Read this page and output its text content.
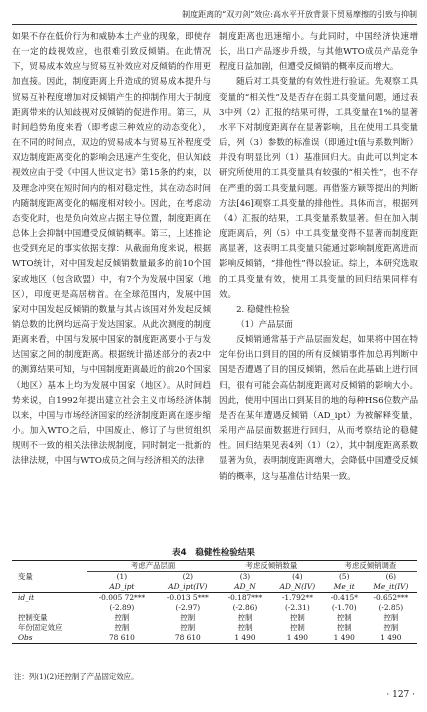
制度距离的“双刃剑”效应:高水平开放背景下贸易摩擦的引致与抑制

如果不存在低价行为和威胁本土产业的现象，即使存在一定的歧视效应，也很难引致反倾销。在此情况下，贸易成本效应与贸易互补效应对反倾销的作用更加直接。因此，制度距离上升造成的贸易成本提升与贸易互补程度增加对反倾销产生的抑制作用大于制度距离带来的认知歧视对反倾销的促进作用。第三，从时间趋势角度来看（即考虑三种效应的动态变化），在不同的时间点，双边的贸易成本与贸易互补程度受双边制度距离变化的影响会迅速产生变化，但认知歧视效应由于受《中国人世议定书》第15条的约束，以及理念冲突在短时间内的相对稳定性，其在动态时间内随制度距离变化的幅度相对较小。因此，在考虑动态变化时，也是负向效应占据主导位置，制度距离在总体上会抑制中国遭受反倾销概率。第三，上述推论也受到充足的事实依据支撑：从截面角度来说，根据WTO统计，对中国发起反倾销数量最多的前10个国家或地区（包含欧盟）中，有7个为发展中国家（地区），印度更是高居榜首。在全球范围内，发展中国家对中国发起反倾销的数量与其占该国对外发起反倾销总数的比例均远高于发达国家。从此次测度的制度距离来看，中国与发展中国家的制度距离要小于与发达国家之间的制度距离。根据统计描述部分的表2中的测算结果可知，与中国制度距离最近的前20个国家（地区）基本上均为发展中国家（地区）。从时间趋势来说，自1992年提出建立社会主义市场经济体制以来，中国与市场经济国家的经济制度距离在逐步缩小。加入WTO之后，中国废止、修订了与世贸组织规则不一致的相关法律法规制度，同时制定一批新的法律法规，中国与WTO成员之间与经济相关的法律

制度距离也迅速缩小。与此同时，中国经济快速增长，出口产品逐步升级，与其他WTO成员产品竞争程度日益加剧，但遭受反倾销的概率反而增大。

随后对工具变量的有效性进行验证。先观察工具变量的“相关性”及是否存在弱工具变量问题，通过表3中列（2）汇报的结果可得，工具变量在1%的显著水平下对制度距离存在显著影响，且在使用工具变量后，列（3）参数的标准误（即通过t值与系数判断）并没有明显比列（1）基准回归大。由此可以判定本研究所使用的工具变量具有较强的“相关性”，也不存在严重的弱工具变量问题。再借鉴方颖等提出的判断方法[46]观察工具变量的排他性。具体而言，根据列（4）汇报的结果，工具变量系数显著。但在加入制度距离后，列（5）中工具变量变得不显著而制度距离显著，这表明工具变量只能通过影响制度距离进而影响反倾销，“排他性”得以验证。综上，本研究选取的工具变量有效，使用工具变量的回归结果同样有效。

2. 稳健性检验

（1）产品层面

反倾销通常基于产品层面发起，如果将中国在特定年份出口到目的国的所有反倾销事件加总再判断中国是否遭遇了目的国反倾销，然后在此基础上进行回归，很有可能会高估制度距离对反倾销的影响大小。因此，使用中国出口到某目的地的每种HS6位数产品是否在某年遭遇反倾销（AD_ipt）为被解释变量，采用产品层面数据进行回归，从而考察结论的稳健性。回归结果见表4列（1）（2），其中制度距离系数显著为负，表明制度距离增大，会降低中国遭受反倾销的概率，这与基准估计结果一致。

表4 稳健性检验结果
变量	考虑产品层面		考虑反倾销数量		考虑反倾销调查	
	(1)	(2)	(3)	(4)	(5)	(6)
	AD_ipt	AD_ipt(IV)	AD_N	AD_N(IV)	Me_it	Me_it(IV)
id_it	-0.005 72***	-0.013 5***	-0.187***	-1.792**	-0.415*	-0.652***
	(-2.89)	(-2.97)	(-2.86)	(-2.31)	(-1.70)	(-2.85)
控制变量	控制	控制	控制	控制	控制	控制
年份固定效应	控制	控制	控制	控制	控制	控制
Obs	78 610	78 610	1 490	1 490	1 490	1 490
注：列(1)(2)还控制了产品固定效应。
· 127 ·
